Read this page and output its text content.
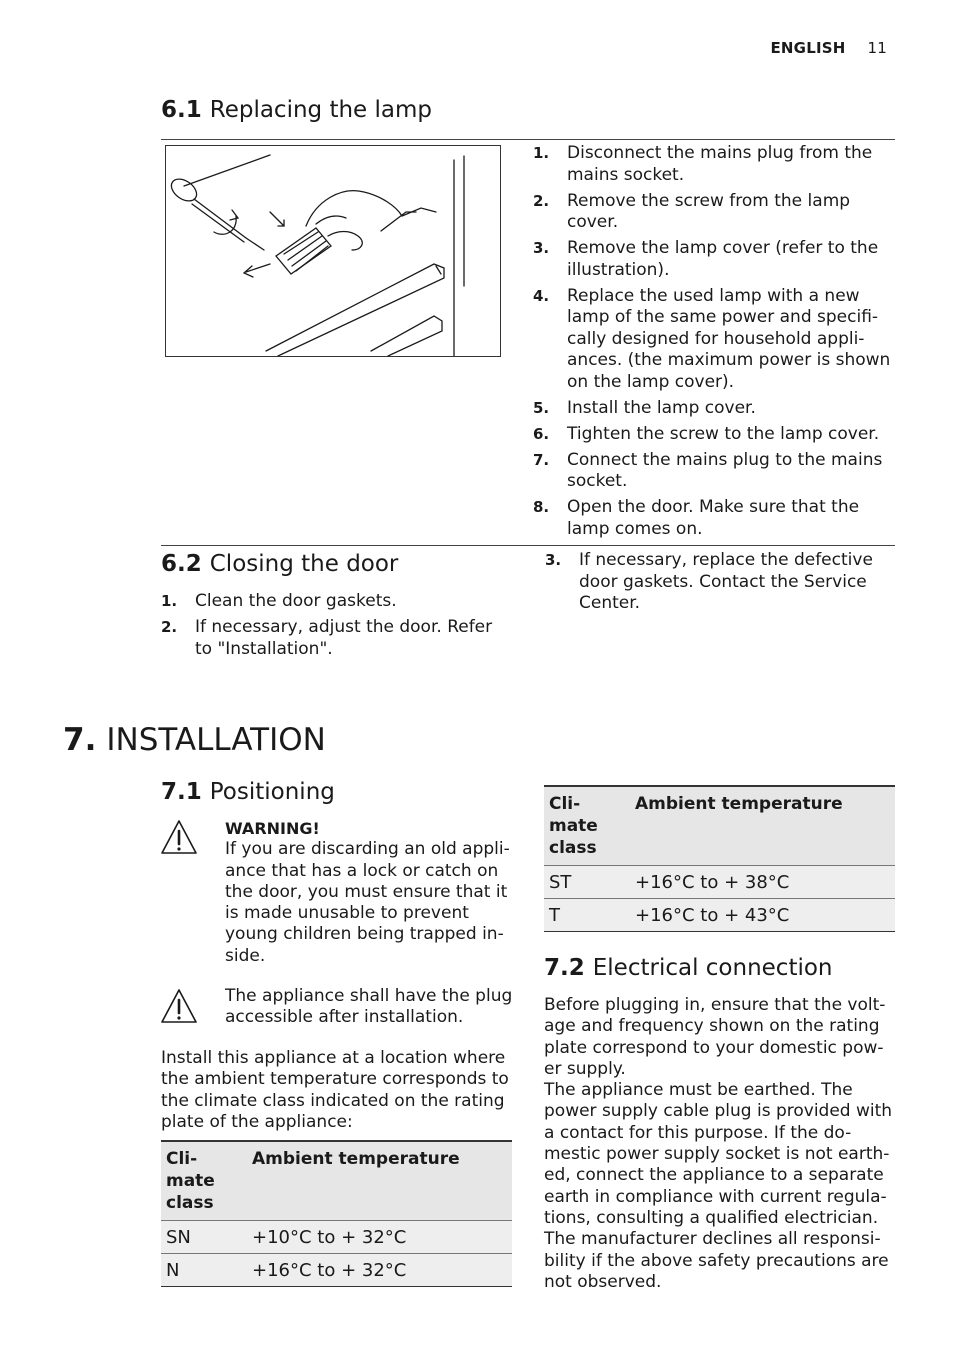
ENGLISH 11
6.1 Replacing the lamp
1. Disconnect the mains plug from the mains socket.
2. Remove the screw from the lamp cover.
3. Remove the lamp cover (refer to the illustration).
4. Replace the used lamp with a new lamp of the same power and specifi-cally designed for household appli-ances. (the maximum power is shown on the lamp cover).
5. Install the lamp cover.
6. Tighten the screw to the lamp cover.
7. Connect the mains plug to the mains socket.
8. Open the door. Make sure that the lamp comes on.
6.2 Closing the door
1. Clean the door gaskets.
2. If necessary, adjust the door. Refer to "Installation".
3. If necessary, replace the defective door gaskets. Contact the Service Center.
7. INSTALLATION
7.1 Positioning
WARNING!
If you are discarding an old appli-ance that has a lock or catch on the door, you must ensure that it is made unusable to prevent young children being trapped in-side.
The appliance shall have the plug accessible after installation.

Install this appliance at a location where the ambient temperature corresponds to the climate class indicated on the rating plate of the appliance:

Cli-mate class	Ambient temperature
SN	+10°C to + 32°C
N	+16°C to + 32°C
Cli-mate class	Ambient temperature
ST	+16°C to + 38°C
T	+16°C to + 43°C
7.2 Electrical connection

Before plugging in, ensure that the volt-age and frequency shown on the rating plate correspond to your domestic pow-er supply.

The appliance must be earthed. The power supply cable plug is provided with a contact for this purpose. If the do-mestic power supply socket is not earth-ed, connect the appliance to a separate earth in compliance with current regula-tions, consulting a qualified electrician. The manufacturer declines all responsi-bility if the above safety precautions are not observed.
